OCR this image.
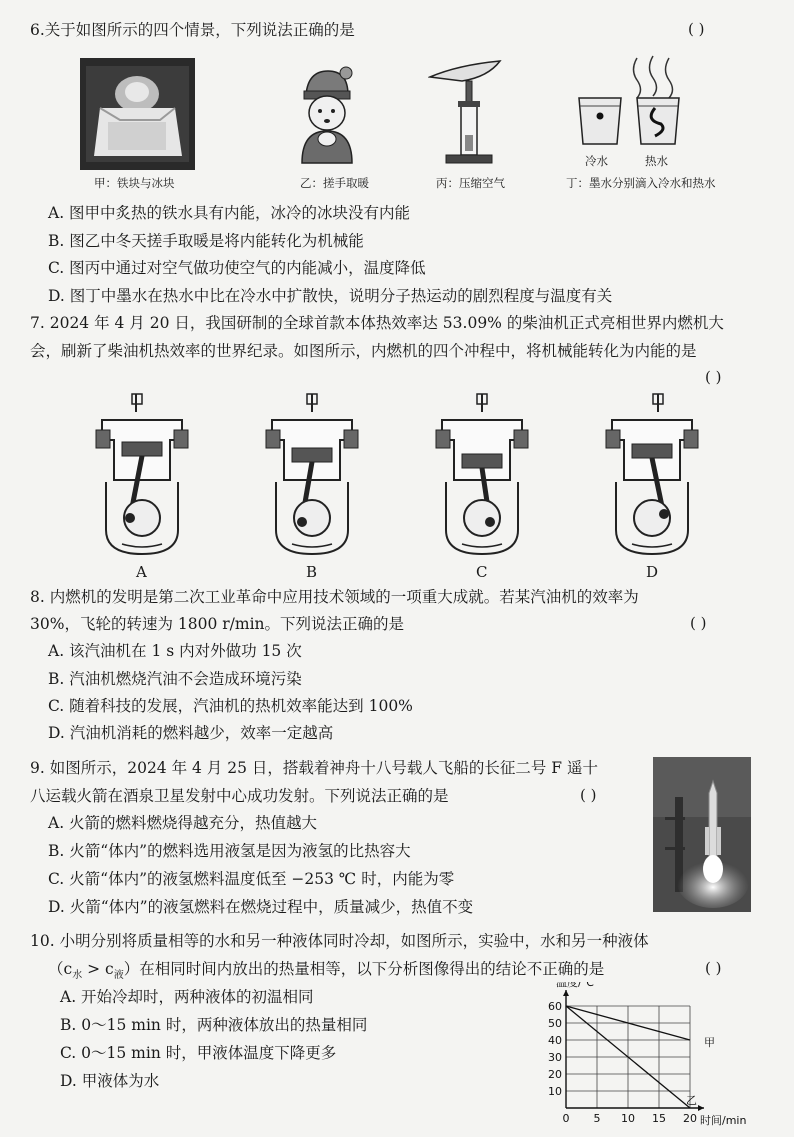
6.关于如图所示的四个情景，下列说法正确的是	( )
甲：铁块与冰块	乙：搓手取暖	丙：压缩空气
冷水	热水
丁：墨水分别滴入冷水和热水
A. 图甲中炙热的铁水具有内能，冰冷的冰块没有内能
B. 图乙中冬天搓手取暖是将内能转化为机械能
C. 图丙中通过对空气做功使空气的内能减小，温度降低
D. 图丁中墨水在热水中比在冷水中扩散快，说明分子热运动的剧烈程度与温度有关
7. 2024 年 4 月 20 日，我国研制的全球首款本体热效率达 53.09% 的柴油机正式亮相世界内燃机大
会，刷新了柴油机热效率的世界纪录。如图所示，内燃机的四个冲程中，将机械能转化为内能的是
( )
A	B	C	D
8. 内燃机的发明是第二次工业革命中应用技术领域的一项重大成就。若某汽油机的效率为
30%，飞轮的转速为 1800 r/min。下列说法正确的是	( )
A. 该汽油机在 1 s 内对外做功 15 次
B. 汽油机燃烧汽油不会造成环境污染
C. 随着科技的发展，汽油机的热机效率能达到 100%
D. 汽油机消耗的燃料越少，效率一定越高
9. 如图所示，2024 年 4 月 25 日，搭载着神舟十八号载人飞船的长征二号 F 遥十
八运载火箭在酒泉卫星发射中心成功发射。下列说法正确的是	( )
A. 火箭的燃料燃烧得越充分，热值越大
B. 火箭“体内”的燃料选用液氢是因为液氢的比热容大
C. 火箭“体内”的液氢燃料温度低至 −253 ℃ 时，内能为零
D. 火箭“体内”的液氢燃料在燃烧过程中，质量减少，热值不变
10. 小明分别将质量相等的水和另一种液体同时冷却，如图所示，实验中，水和另一种液体
$(c_水 > c_液)$在相同时间内放出的热量相等，以下分析图像得出的结论不正确的是	( )
A. 开始冷却时，两种液体的初温相同
B. 0～15 min 时，两种液体放出的热量相同
C. 0～15 min 时，甲液体温度下降更多
D. 甲液体为水
0 5 10 15 20
10
20
30
40
50
60
温度/℃
时间/min
甲
乙
